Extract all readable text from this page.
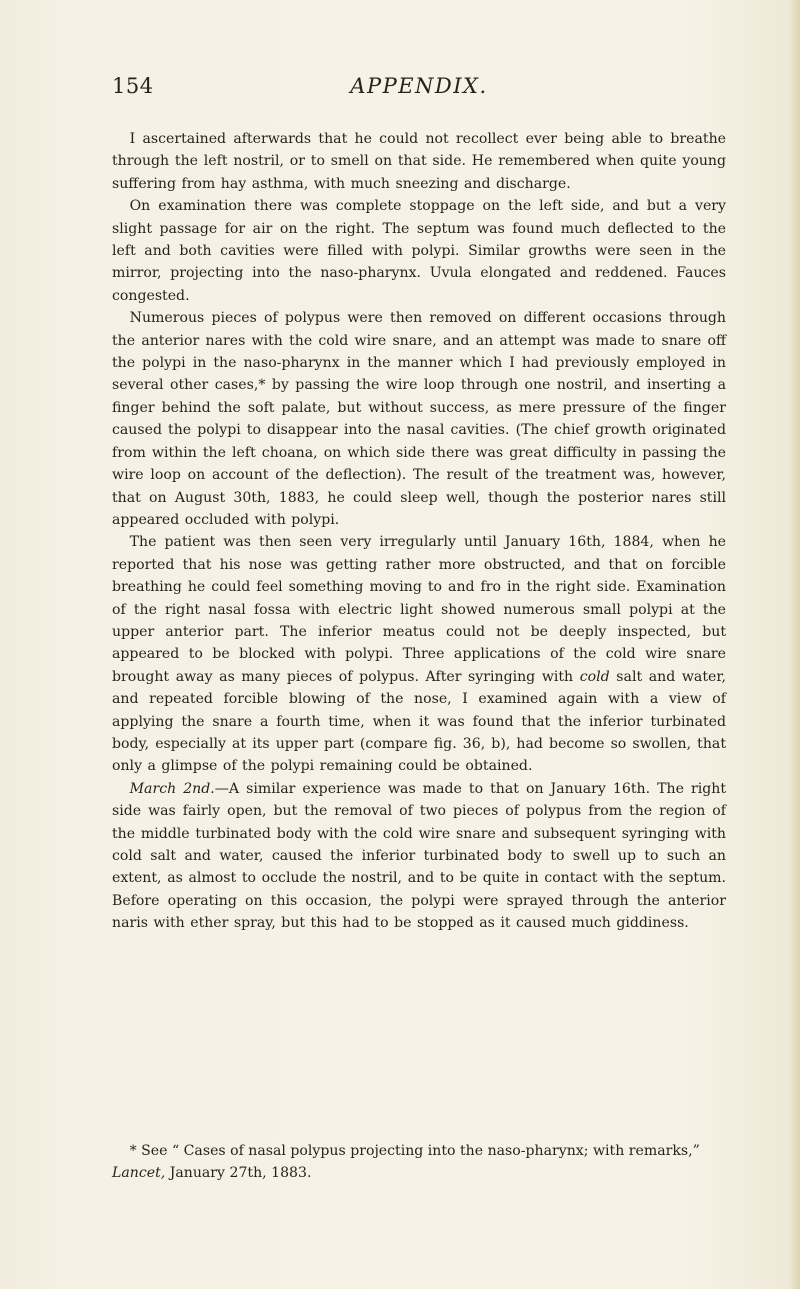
154	APPENDIX.

I ascertained afterwards that he could not recollect ever being able to breathe through the left nostril, or to smell on that side. He remembered when quite young suffering from hay asthma, with much sneezing and discharge.

On examination there was complete stoppage on the left side, and but a very slight passage for air on the right. The septum was found much deflected to the left and both cavities were filled with polypi. Similar growths were seen in the mirror, projecting into the naso-pharynx. Uvula elongated and reddened. Fauces congested.

Numerous pieces of polypus were then removed on different occasions through the anterior nares with the cold wire snare, and an attempt was made to snare off the polypi in the naso-pharynx in the manner which I had previously employed in several other cases,* by passing the wire loop through one nostril, and inserting a finger behind the soft palate, but without success, as mere pressure of the finger caused the polypi to disappear into the nasal cavities. (The chief growth originated from within the left choana, on which side there was great difficulty in passing the wire loop on account of the deflection). The result of the treatment was, however, that on August 30th, 1883, he could sleep well, though the posterior nares still appeared occluded with polypi.

The patient was then seen very irregularly until January 16th, 1884, when he reported that his nose was getting rather more obstructed, and that on forcible breathing he could feel something moving to and fro in the right side. Examination of the right nasal fossa with electric light showed numerous small polypi at the upper anterior part. The inferior meatus could not be deeply inspected, but appeared to be blocked with polypi. Three applications of the cold wire snare brought away as many pieces of polypus. After syringing with cold salt and water, and repeated forcible blowing of the nose, I examined again with a view of applying the snare a fourth time, when it was found that the inferior turbinated body, especially at its upper part (compare fig. 36, b), had become so swollen, that only a glimpse of the polypi remaining could be obtained.

March 2nd.—A similar experience was made to that on January 16th. The right side was fairly open, but the removal of two pieces of polypus from the region of the middle turbinated body with the cold wire snare and subsequent syringing with cold salt and water, caused the inferior turbinated body to swell up to such an extent, as almost to occlude the nostril, and to be quite in contact with the septum. Before operating on this occasion, the polypi were sprayed through the anterior naris with ether spray, but this had to be stopped as it caused much giddiness.

* See “ Cases of nasal polypus projecting into the naso-pharynx; with remarks,” Lancet, January 27th, 1883.
